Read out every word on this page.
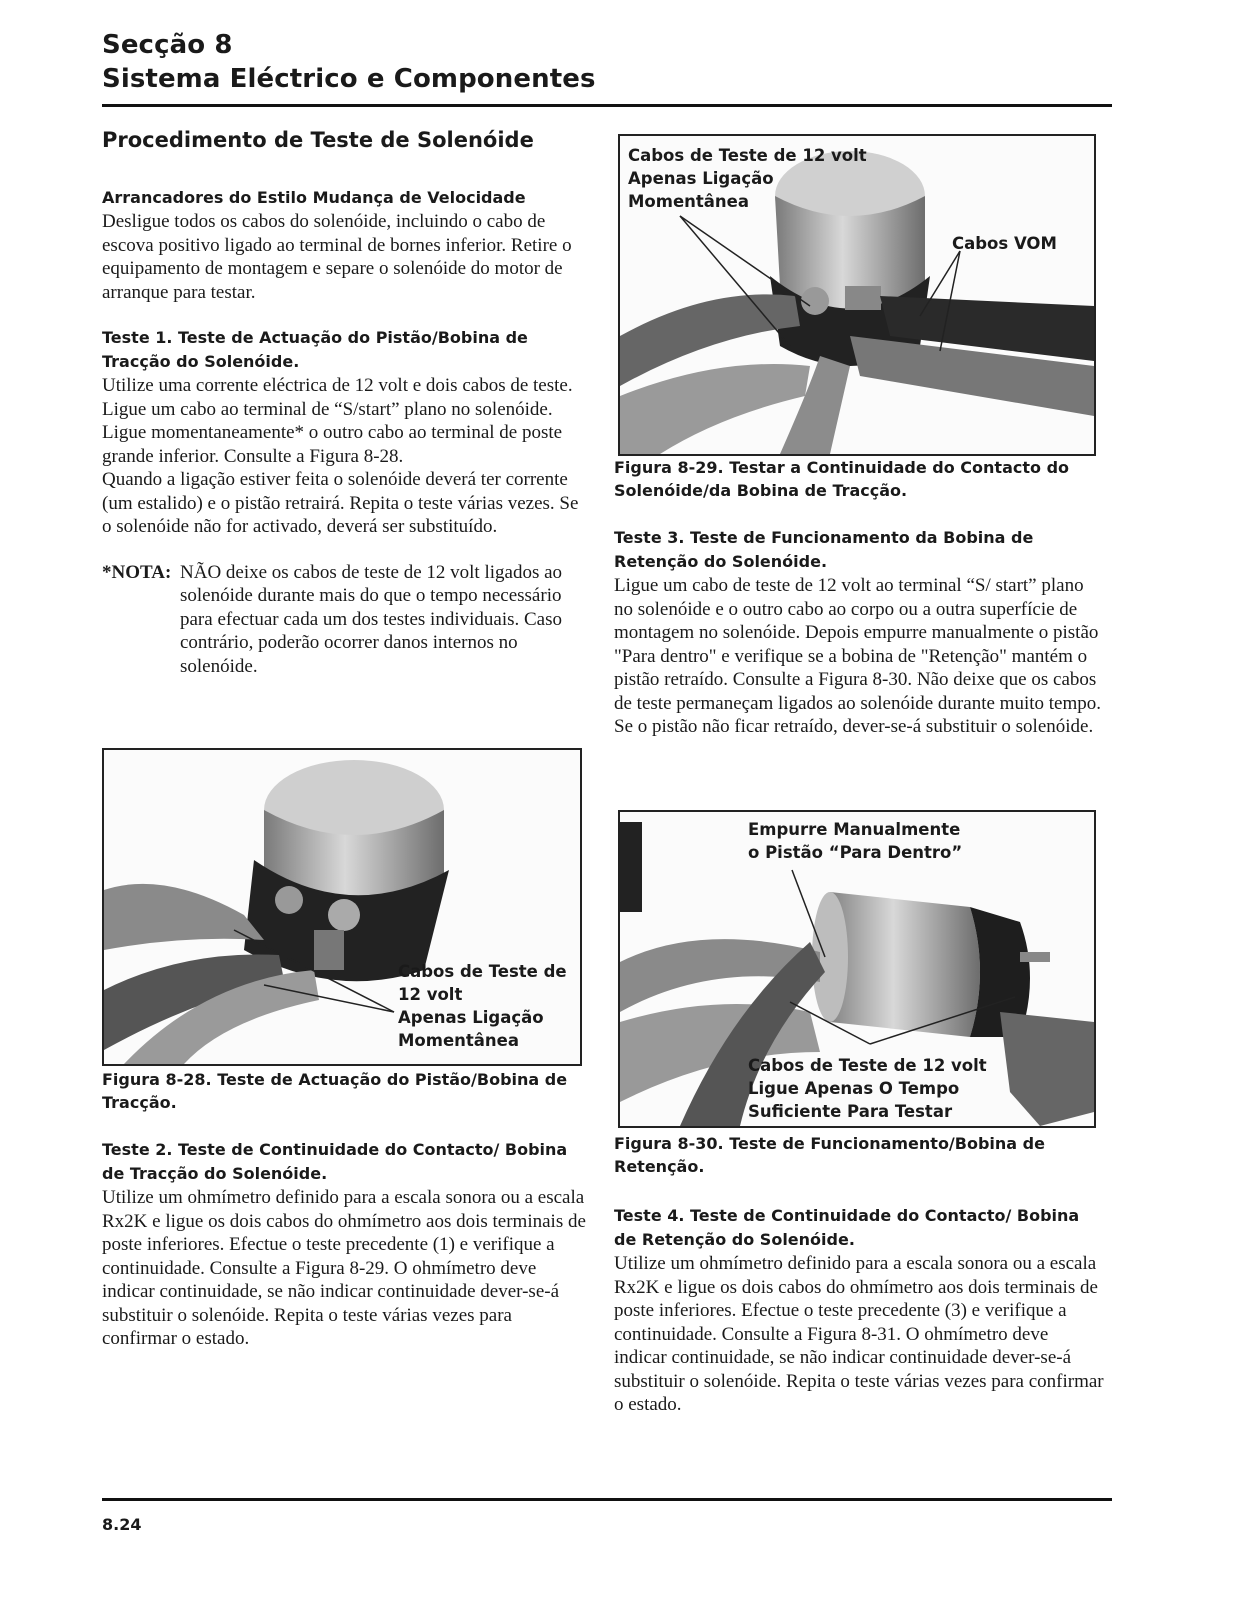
Secção 8
Sistema Eléctrico e Componentes
Procedimento de Teste de Solenóide

Arrancadores do Estilo Mudança de Velocidade

Desligue todos os cabos do solenóide, incluindo o cabo de escova positivo ligado ao terminal de bornes inferior. Retire o equipamento de montagem e separe o solenóide do motor de arranque para testar.

Teste 1. Teste de Actuação do Pistão/Bobina de Tracção do Solenóide.

Utilize uma corrente eléctrica de 12 volt e dois cabos de teste. Ligue um cabo ao terminal de “S/start” plano no solenóide. Ligue momentaneamente* o outro cabo ao terminal de poste grande inferior. Consulte a Figura 8-28.

Quando a ligação estiver feita o solenóide deverá ter corrente (um estalido) e o pistão retrairá. Repita o teste várias vezes. Se o solenóide não for activado, deverá ser substituído.

*NOTA: NÃO deixe os cabos de teste de 12 volt ligados ao solenóide durante mais do que o tempo necessário para efectuar cada um dos testes individuais. Caso contrário, poderão ocorrer danos internos no solenóide.
Cabos de Teste de
12 volt
Apenas Ligação
Momentânea

Figura 8-28. Teste de Actuação do Pistão/Bobina de Tracção.

Teste 2. Teste de Continuidade do Contacto/ Bobina de Tracção do Solenóide.

Utilize um ohmímetro definido para a escala sonora ou a escala Rx2K e ligue os dois cabos do ohmímetro aos dois terminais de poste inferiores. Efectue o teste precedente (1) e verifique a continuidade. Consulte a Figura 8-29. O ohmímetro deve indicar continuidade, se não indicar continuidade dever-se-á substituir o solenóide. Repita o teste várias vezes para confirmar o estado.

Cabos de Teste de 12 volt
Apenas Ligação
Momentânea
Cabos VOM

Figura 8-29. Testar a Continuidade do Contacto do Solenóide/da Bobina de Tracção.

Teste 3. Teste de Funcionamento da Bobina de Retenção do Solenóide.

Ligue um cabo de teste de 12 volt ao terminal “S/ start” plano no solenóide e o outro cabo ao corpo ou a outra superfície de montagem no solenóide. Depois empurre manualmente o pistão "Para dentro" e verifique se a bobina de "Retenção" mantém o pistão retraído. Consulte a Figura 8-30. Não deixe que os cabos de teste permaneçam ligados ao solenóide durante muito tempo. Se o pistão não ficar retraído, dever-se-á substituir o solenóide.

Empurre Manualmente
o Pistão “Para Dentro”
Cabos de Teste de 12 volt
Ligue Apenas O Tempo
Suficiente Para Testar

Figura 8-30. Teste de Funcionamento/Bobina de Retenção.

Teste 4. Teste de Continuidade do Contacto/ Bobina de Retenção do Solenóide.

Utilize um ohmímetro definido para a escala sonora ou a escala Rx2K e ligue os dois cabos do ohmímetro aos dois terminais de poste inferiores. Efectue o teste precedente (3) e verifique a continuidade. Consulte a Figura 8-31. O ohmímetro deve indicar continuidade, se não indicar continuidade dever-se-á substituir o solenóide. Repita o teste várias vezes para confirmar o estado.

8.24
